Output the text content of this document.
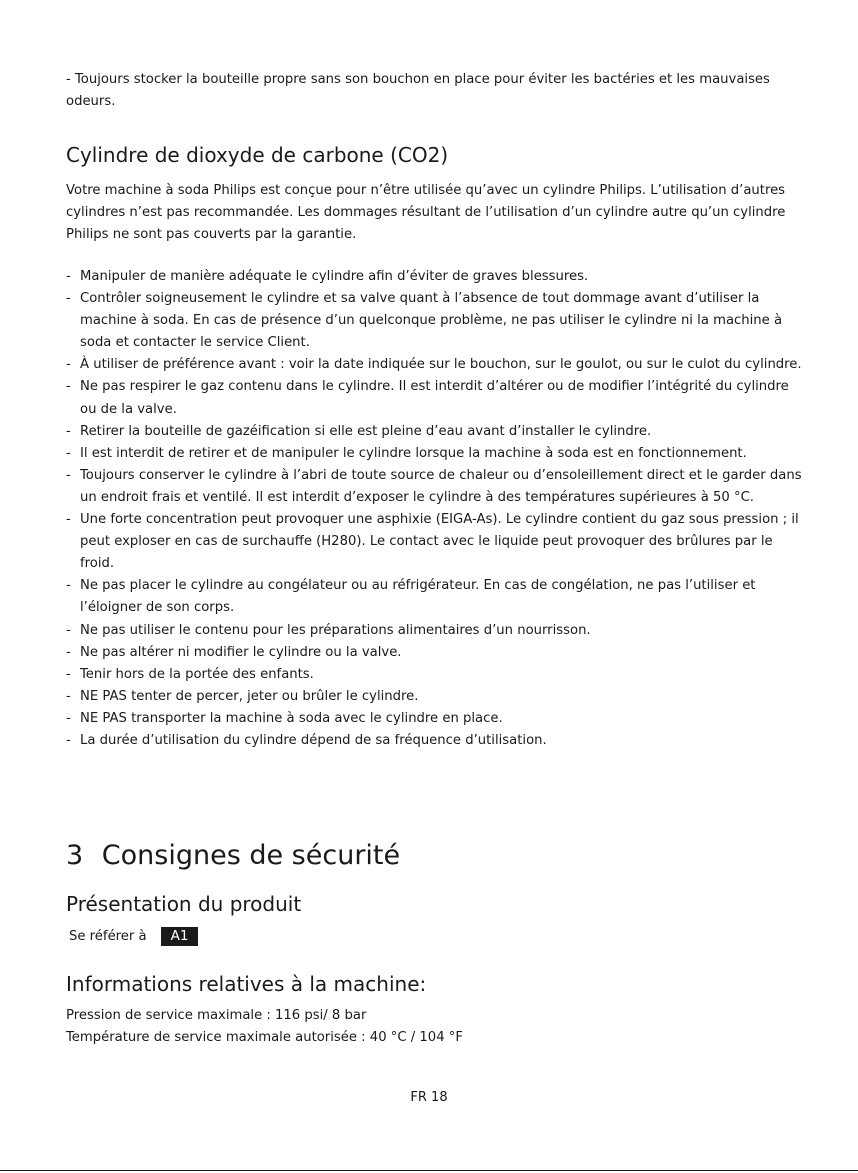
- Toujours stocker la bouteille propre sans son bouchon en place pour éviter les bactéries et les mauvaises odeurs.

Cylindre de dioxyde de carbone (CO2)

Votre machine à soda Philips est conçue pour n’être utilisée qu’avec un cylindre Philips. L’utilisation d’autres cylindres n’est pas recommandée. Les dommages résultant de l’utilisation d’un cylindre autre qu’un cylindre Philips ne sont pas couverts par la garantie.

- Manipuler de manière adéquate le cylindre afin d’éviter de graves blessures.
- Contrôler soigneusement le cylindre et sa valve quant à l’absence de tout dommage avant d’utiliser la machine à soda. En cas de présence d’un quelconque problème, ne pas utiliser le cylindre ni la machine à soda et contacter le service Client.
- À utiliser de préférence avant : voir la date indiquée sur le bouchon, sur le goulot, ou sur le culot du cylindre.
- Ne pas respirer le gaz contenu dans le cylindre. Il est interdit d’altérer ou de modifier l’intégrité du cylindre ou de la valve.
- Retirer la bouteille de gazéification si elle est pleine d’eau avant d’installer le cylindre.
- Il est interdit de retirer et de manipuler le cylindre lorsque la machine à soda est en fonctionnement.
- Toujours conserver le cylindre à l’abri de toute source de chaleur ou d’ensoleillement direct et le garder dans un endroit frais et ventilé. Il est interdit d’exposer le cylindre à des températures supérieures à 50 °C.
- Une forte concentration peut provoquer une asphixie (EIGA-As). Le cylindre contient du gaz sous pression ; il peut exploser en cas de surchauffe (H280). Le contact avec le liquide peut provoquer des brûlures par le froid.
- Ne pas placer le cylindre au congélateur ou au réfrigérateur. En cas de congélation, ne pas l’utiliser et l’éloigner de son corps.
- Ne pas utiliser le contenu pour les préparations alimentaires d’un nourrisson.
- Ne pas altérer ni modifier le cylindre ou la valve.
- Tenir hors de la portée des enfants.
- NE PAS tenter de percer, jeter ou brûler le cylindre.
- NE PAS transporter la machine à soda avec le cylindre en place.
- La durée d’utilisation du cylindre dépend de sa fréquence d’utilisation.
3 Consignes de sécurité
Présentation du produit
Se référer à A1
Informations relatives à la machine:
Pression de service maximale : 116 psi/ 8 bar
Température de service maximale autorisée : 40 °C / 104 °F
FR 18
